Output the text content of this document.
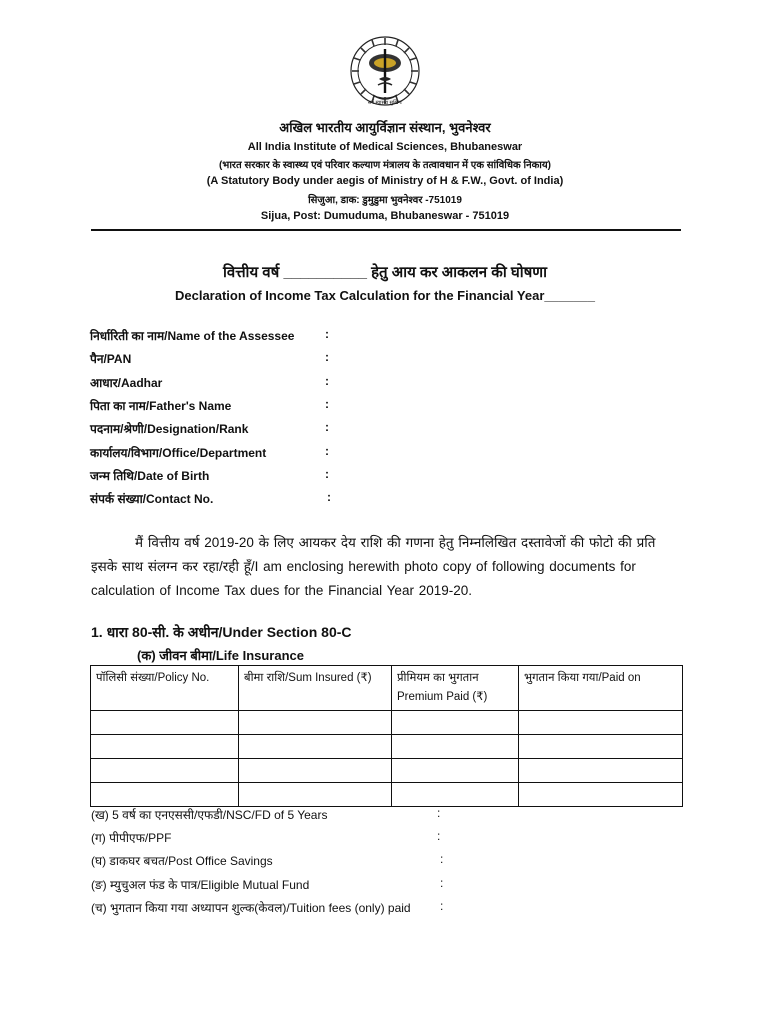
सर्व स्वास्थ्य सुखिनः
अखिल भारतीय आयुर्विज्ञान संस्थान, भुवनेश्वर
All India Institute of Medical Sciences, Bhubaneswar
(भारत सरकार के स्वास्थ्य एवं परिवार कल्याण मंत्रालय के तत्वावधान में एक सांविधिक निकाय)
(A Statutory Body under aegis of Ministry of H & F.W., Govt. of India)
सिजुआ, डाक: डुमुडुमा भुवनेश्वर -751019
Sijua, Post: Dumuduma, Bhubaneswar - 751019
वित्तीय वर्ष __________ हेतु आय कर आकलन की घोषणा
Declaration of Income Tax Calculation for the Financial Year_______
निर्धारिती का नाम/Name of the Assessee	:
पैन/PAN	:
आधार/Aadhar	:
पिता का नाम/Father's Name	:
पदनाम/श्रेणी/Designation/Rank	:
कार्यालय/विभाग/Office/Department	:
जन्म तिथि/Date of Birth	:
संपर्क संख्या/Contact No.	:
मैं वित्तीय वर्ष 2019-20 के लिए आयकर देय राशि की गणना हेतु निम्नलिखित दस्तावेजों की फोटो की प्रति इसके साथ संलग्न कर रहा/रही हूँ/I am enclosing herewith photo copy of following documents for calculation of Income Tax dues for the Financial Year 2019-20.
1. धारा 80-सी. के अधीन/Under Section 80-C
(क) जीवन बीमा/Life Insurance
पॉलिसी संख्या/Policy No.	बीमा राशि/Sum Insured (₹)	प्रीमियम का भुगतान Premium Paid (₹)	भुगतान किया गया/Paid on

(ख) 5 वर्ष का एनएससी/एफडी/NSC/FD of 5 Years	:
(ग) पीपीएफ/PPF	:
(घ) डाकघर बचत/Post Office Savings	:
(ङ) म्युचुअल फंड के पात्र/Eligible Mutual Fund	:
(च) भुगतान किया गया अध्यापन शुल्क(केवल)/Tuition fees (only) paid :
